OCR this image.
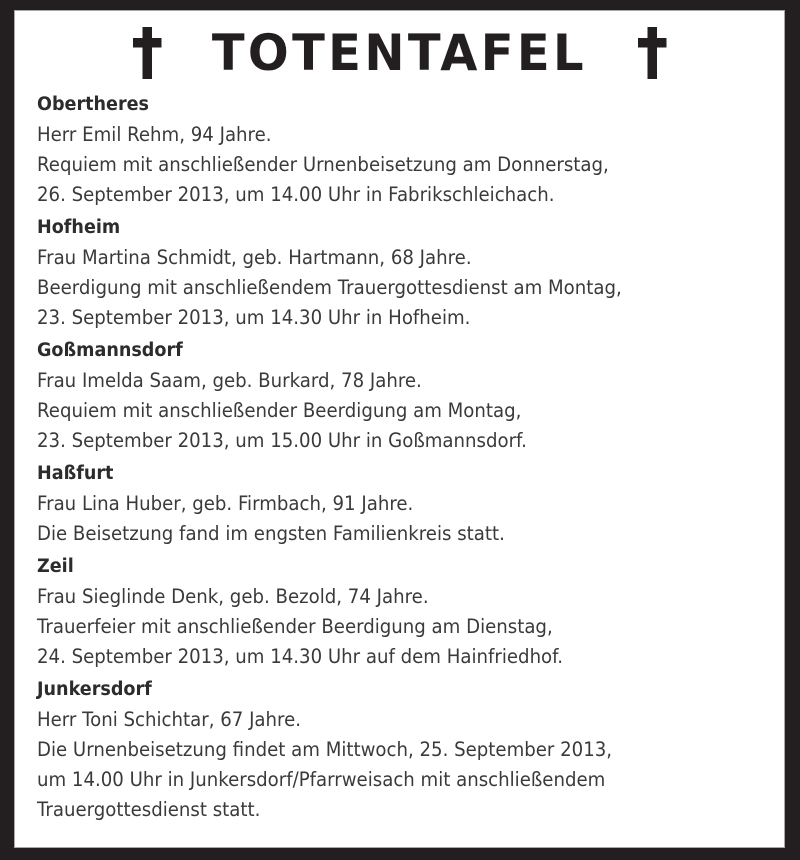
TOTENTAFEL
Obertheres
Herr Emil Rehm, 94 Jahre.
Requiem mit anschließender Urnenbeisetzung am Donnerstag,
26. September 2013, um 14.00 Uhr in Fabrikschleichach.
Hofheim
Frau Martina Schmidt, geb. Hartmann, 68 Jahre.
Beerdigung mit anschließendem Trauergottesdienst am Montag,
23. September 2013, um 14.30 Uhr in Hofheim.
Goßmannsdorf
Frau Imelda Saam, geb. Burkard, 78 Jahre.
Requiem mit anschließender Beerdigung am Montag,
23. September 2013, um 15.00 Uhr in Goßmannsdorf.
Haßfurt
Frau Lina Huber, geb. Firmbach, 91 Jahre.
Die Beisetzung fand im engsten Familienkreis statt.
Zeil
Frau Sieglinde Denk, geb. Bezold, 74 Jahre.
Trauerfeier mit anschließender Beerdigung am Dienstag,
24. September 2013, um 14.30 Uhr auf dem Hainfriedhof.
Junkersdorf
Herr Toni Schichtar, 67 Jahre.
Die Urnenbeisetzung findet am Mittwoch, 25. September 2013,
um 14.00 Uhr in Junkersdorf/Pfarrweisach mit anschließendem
Trauergottesdienst statt.
